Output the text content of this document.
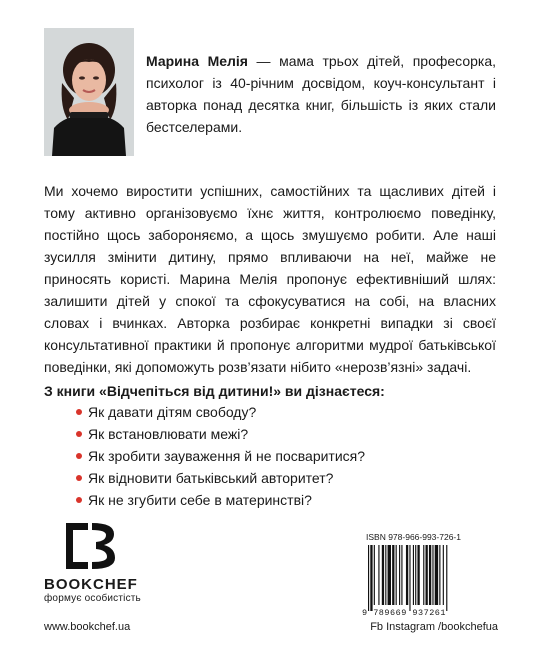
Марина Мелія — мама трьох дітей, професорка, психолог із 40-річним досвідом, коуч-консультант і авторка понад десятка книг, більшість із яких стали бестселерами.
Ми хочемо виростити успішних, самостійних та щасливих дітей і тому активно організовуємо їхнє життя, контролюємо поведінку, постійно щось забороняємо, а щось змушуємо робити. Але наші зусилля змінити дитину, прямо впливаючи на неї, майже не приносять користі. Марина Мелія пропонує ефективніший шлях: залишити дітей у спокої та сфокусуватися на собі, на власних словах і вчинках. Авторка розбирає конкретні випадки зі своєї консультативної практики й пропонує алгоритми мудрої батьківської поведінки, які допоможуть розв’язати нібито «нерозв’язні» задачі.
З книги «Відчепіться від дитини!» ви дізнаєтеся:
Як давати дітям свободу?
Як встановлювати межі?
Як зробити зауваження й не посваритися?
Як відновити батьківський авторитет?
Як не згубити себе в материнстві?
BOOKCHEF
формує особистість
ISBN 978-966-993-726-1
9 789669 937261
www.bookchef.ua	Fb Instagram /bookchefua
